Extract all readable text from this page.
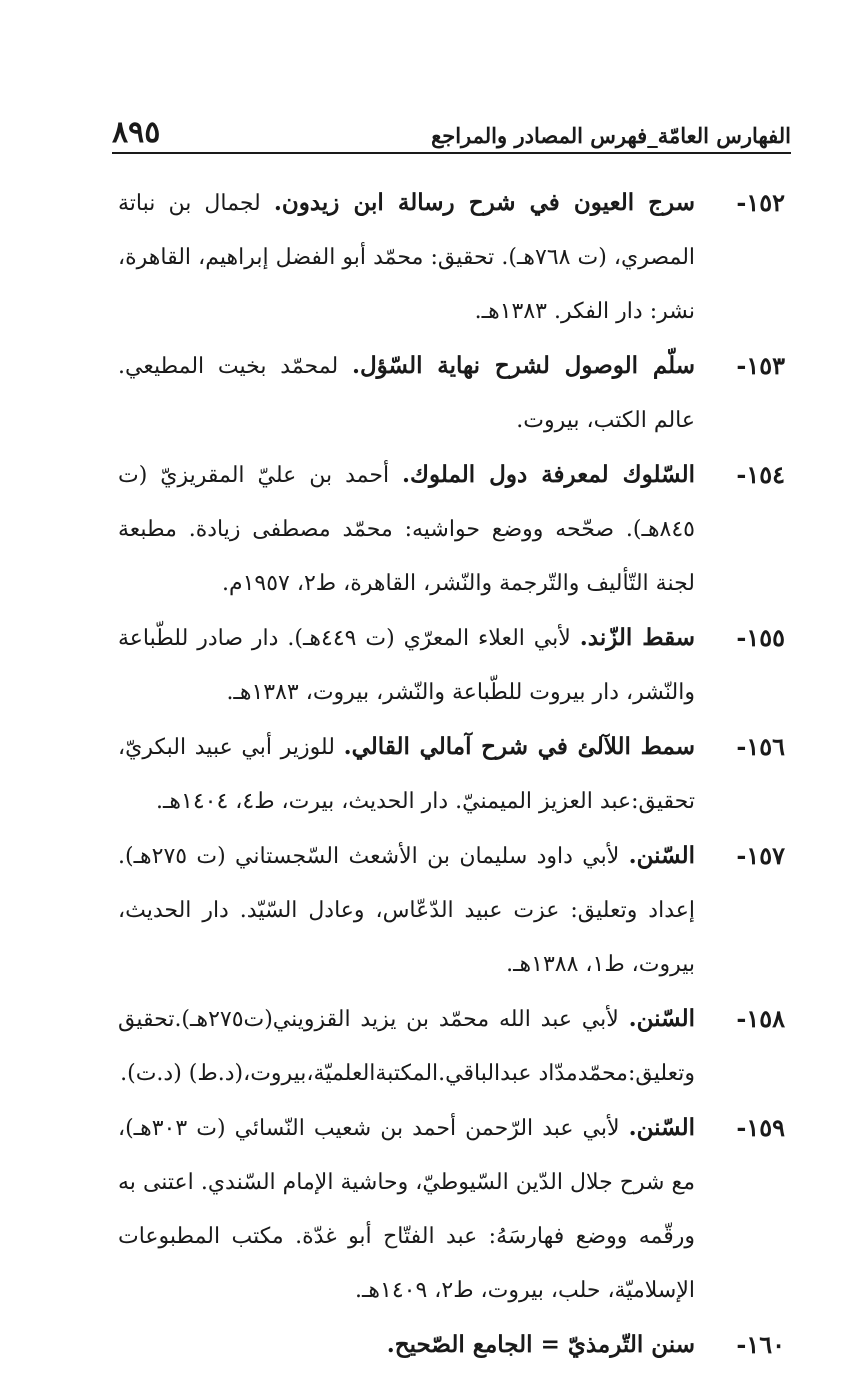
الفهارس العامّة_فهرس المصادر والمراجع
٨٩٥
١٥٢-
سرج العيون في شرح رسالة ابن زيدون. لجمال بن نباتة المصري، (ت ٧٦٨هـ). تحقيق: محمّد أبو الفضل إبراهيم، القاهرة، نشر: دار الفكر. ١٣٨٣هـ.
١٥٣-
سلّم الوصول لشرح نهاية السّؤل. لمحمّد بخيت المطيعي. عالم الكتب، بيروت.
١٥٤-
السّلوك لمعرفة دول الملوك. أحمد بن عليّ المقريزيّ (ت ٨٤٥هـ). صحّحه ووضع حواشيه: محمّد مصطفى زيادة. مطبعة لجنة التّأليف والتّرجمة والنّشر، القاهرة، ط٢، ١٩٥٧م.
١٥٥-
سقط الزّند. لأبي العلاء المعرّي (ت ٤٤٩هـ). دار صادر للطّباعة والنّشر، دار بيروت للطّباعة والنّشر، بيروت، ١٣٨٣هـ.
١٥٦-
سمط اللآلئ في شرح آمالي القالي. للوزير أبي عبيد البكريّ، تحقيق:عبد العزيز الميمنيّ. دار الحديث، بيرت، ط٤، ١٤٠٤هـ.
١٥٧-
السّنن. لأبي داود سليمان بن الأشعث السّجستاني (ت ٢٧٥هـ). إعداد وتعليق: عزت عبيد الدّعّاس، وعادل السّيّد. دار الحديث، بيروت، ط١، ١٣٨٨هـ.
١٥٨-
السّنن. لأبي عبد الله محمّد بن يزيد القزويني(ت٢٧٥هـ).تحقيق وتعليق:محمّدمدّاد عبدالباقي.المكتبةالعلميّة،بيروت،(د.ط) (د.ت).
١٥٩-
السّنن. لأبي عبد الرّحمن أحمد بن شعيب النّسائي (ت ٣٠٣هـ)، مع شرح جلال الدّين السّيوطيّ، وحاشية الإمام السّندي. اعتنى به ورقّمه ووضع فهارسَهُ: عبد الفتّاح أبو غدّة. مكتب المطبوعات الإسلاميّة، حلب، بيروت، ط٢، ١٤٠٩هـ.
١٦٠-
سنن التّرمذيّ = الجامع الصّحيح.
